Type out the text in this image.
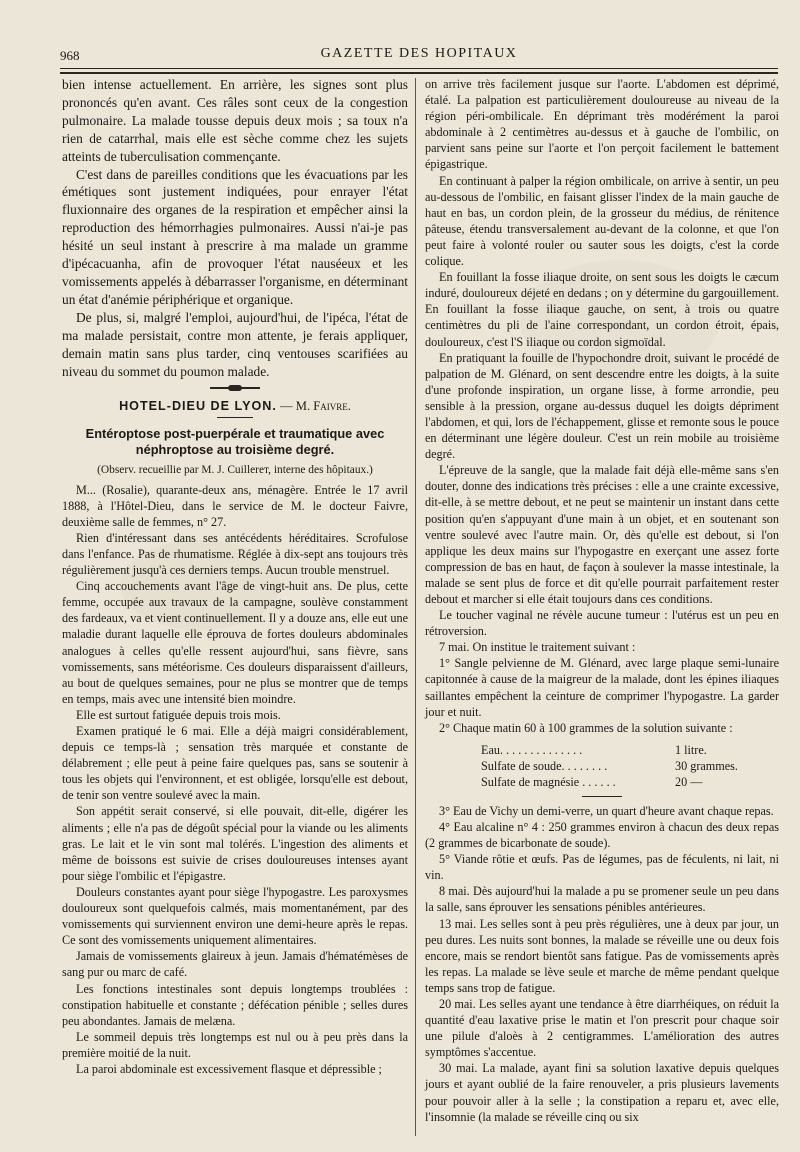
968	GAZETTE DES HOPITAUX

bien intense actuellement. En arrière, les signes sont plus prononcés qu'en avant. Ces râles sont ceux de la congestion pulmonaire. La malade tousse depuis deux mois ; sa toux n'a rien de catarrhal, mais elle est sèche comme chez les sujets atteints de tuberculisation commençante.

C'est dans de pareilles conditions que les évacuations par les émétiques sont justement indiquées, pour enrayer l'état fluxionnaire des organes de la respiration et empêcher ainsi la reproduction des hémorrhagies pulmonaires. Aussi n'ai-je pas hésité un seul instant à prescrire à ma malade un gramme d'ipécacuanha, afin de provoquer l'état nauséeux et les vomissements appelés à débarrasser l'organisme, en déterminant un état d'anémie périphérique et organique.

De plus, si, malgré l'emploi, aujourd'hui, de l'ipéca, l'état de ma malade persistait, contre mon attente, je ferais appliquer, demain matin sans plus tarder, cinq ventouses scarifiées au niveau du sommet du poumon malade.

HOTEL-DIEU DE LYON. — M. Faivre.
Entéroptose post-puerpérale et traumatique avec néphroptose au troisième degré.
(Observ. recueillie par M. J. Cuillerет, interne des hôpitaux.)

M... (Rosalie), quarante-deux ans, ménagère. Entrée le 17 avril 1888, à l'Hôtel-Dieu, dans le service de M. le docteur Faivre, deuxième salle de femmes, n° 27.

Rien d'intéressant dans ses antécédents héréditaires. Scrofulose dans l'enfance. Pas de rhumatisme. Réglée à dix-sept ans toujours très régulièrement jusqu'à ces derniers temps. Aucun trouble menstruel.

Cinq accouchements avant l'âge de vingt-huit ans. De plus, cette femme, occupée aux travaux de la campagne, soulève constamment des fardeaux, va et vient continuellement. Il y a douze ans, elle eut une maladie durant laquelle elle éprouva de fortes douleurs abdominales analogues à celles qu'elle ressent aujourd'hui, sans fièvre, sans vomissements, sans météorisme. Ces douleurs disparaissent d'ailleurs, au bout de quelques semaines, pour ne plus se montrer que de temps en temps, mais avec une intensité bien moindre.

Elle est surtout fatiguée depuis trois mois.

Examen pratiqué le 6 mai. Elle a déjà maigri considérablement, depuis ce temps-là ; sensation très marquée et constante de délabrement ; elle peut à peine faire quelques pas, sans se soutenir à tous les objets qui l'environnent, et est obligée, lorsqu'elle est debout, de tenir son ventre soulevé avec la main.

Son appétit serait conservé, si elle pouvait, dit-elle, digérer les aliments ; elle n'a pas de dégoût spécial pour la viande ou les aliments gras. Le lait et le vin sont mal tolérés. L'ingestion des aliments et même de boissons est suivie de crises douloureuses intenses ayant pour siège l'ombilic et l'épigastre.

Douleurs constantes ayant pour siège l'hypogastre. Les paroxysmes douloureux sont quelquefois calmés, mais momentanément, par des vomissements qui surviennent environ une demi-heure après le repas. Ce sont des vomissements uniquement alimentaires.

Jamais de vomissements glaireux à jeun. Jamais d'hématémèses de sang pur ou marc de café.

Les fonctions intestinales sont depuis longtemps troublées : constipation habituelle et constante ; défécation pénible ; selles dures peu abondantes. Jamais de melæna.

Le sommeil depuis très longtemps est nul ou à peu près dans la première moitié de la nuit.

La paroi abdominale est excessivement flasque et dépressible ;

on arrive très facilement jusque sur l'aorte. L'abdomen est déprimé, étalé. La palpation est particulièrement douloureuse au niveau de la région péri-ombilicale. En déprimant très modérément la paroi abdominale à 2 centimètres au-dessus et à gauche de l'ombilic, on parvient sans peine sur l'aorte et l'on perçoit facilement le battement épigastrique.

En continuant à palper la région ombilicale, on arrive à sentir, un peu au-dessous de l'ombilic, en faisant glisser l'index de la main gauche de haut en bas, un cordon plein, de la grosseur du médius, de rénitence pâteuse, étendu transversalement au-devant de la colonne, et que l'on peut faire à volonté rouler ou sauter sous les doigts, c'est la corde colique.

En fouillant la fosse iliaque droite, on sent sous les doigts le cæcum induré, douloureux déjeté en dedans ; on y détermine du gargouillement. En fouillant la fosse iliaque gauche, on sent, à trois ou quatre centimètres du pli de l'aine correspondant, un cordon étroit, épais, douloureux, c'est l'S iliaque ou cordon sigmoïdal.

En pratiquant la fouille de l'hypochondre droit, suivant le procédé de palpation de M. Glénard, on sent descendre entre les doigts, à la suite d'une profonde inspiration, un organe lisse, à forme arrondie, peu sensible à la pression, organe au-dessus duquel les doigts dépriment l'abdomen, et qui, lors de l'échappement, glisse et remonte sous le pouce en déterminant une légère douleur. C'est un rein mobile au troisième degré.

L'épreuve de la sangle, que la malade fait déjà elle-même sans s'en douter, donne des indications très précises : elle a une crainte excessive, dit-elle, à se mettre debout, et ne peut se maintenir un instant dans cette position qu'en s'appuyant d'une main à un objet, et en soutenant son ventre soulevé avec l'autre main. Or, dès qu'elle est debout, si l'on applique les deux mains sur l'hypogastre en exerçant une assez forte compression de bas en haut, de façon à soulever la masse intestinale, la malade se sent plus de force et dit qu'elle pourrait parfaitement rester debout et marcher si elle était toujours dans ces conditions.

Le toucher vaginal ne révèle aucune tumeur : l'utérus est un peu en rétroversion.

7 mai. On institue le traitement suivant :

1° Sangle pelvienne de M. Glénard, avec large plaque semi-lunaire capitonnée à cause de la maigreur de la malade, dont les épines iliaques saillantes empêchent la ceinture de comprimer l'hypogastre. La garder jour et nuit.

2° Chaque matin 60 à 100 grammes de la solution suivante :

Eau. . . . . . . . . . . . . .	1 litre.
Sulfate de soude. . . . . . . .	30 grammes.
Sulfate de magnésie . . . . . .	20 —

3° Eau de Vichy un demi-verre, un quart d'heure avant chaque repas.

4° Eau alcaline n° 4 : 250 grammes environ à chacun des deux repas (2 grammes de bicarbonate de soude).

5° Viande rôtie et œufs. Pas de légumes, pas de féculents, ni lait, ni vin.

8 mai. Dès aujourd'hui la malade a pu se promener seule un peu dans la salle, sans éprouver les sensations pénibles antérieures.

13 mai. Les selles sont à peu près régulières, une à deux par jour, un peu dures. Les nuits sont bonnes, la malade se réveille une ou deux fois encore, mais se rendort bientôt sans fatigue. Pas de vomissements après les repas. La malade se lève seule et marche de même pendant quelque temps sans trop de fatigue.

20 mai. Les selles ayant une tendance à être diarrhéiques, on réduit la quantité d'eau laxative prise le matin et l'on prescrit pour chaque soir une pilule d'aloès à 2 centigrammes. L'amélioration des autres symptômes s'accentue.

30 mai. La malade, ayant fini sa solution laxative depuis quelques jours et ayant oublié de la faire renouveler, a pris plusieurs lavements pour pouvoir aller à la selle ; la constipation a reparu et, avec elle, l'insomnie (la malade se réveille cinq ou six
